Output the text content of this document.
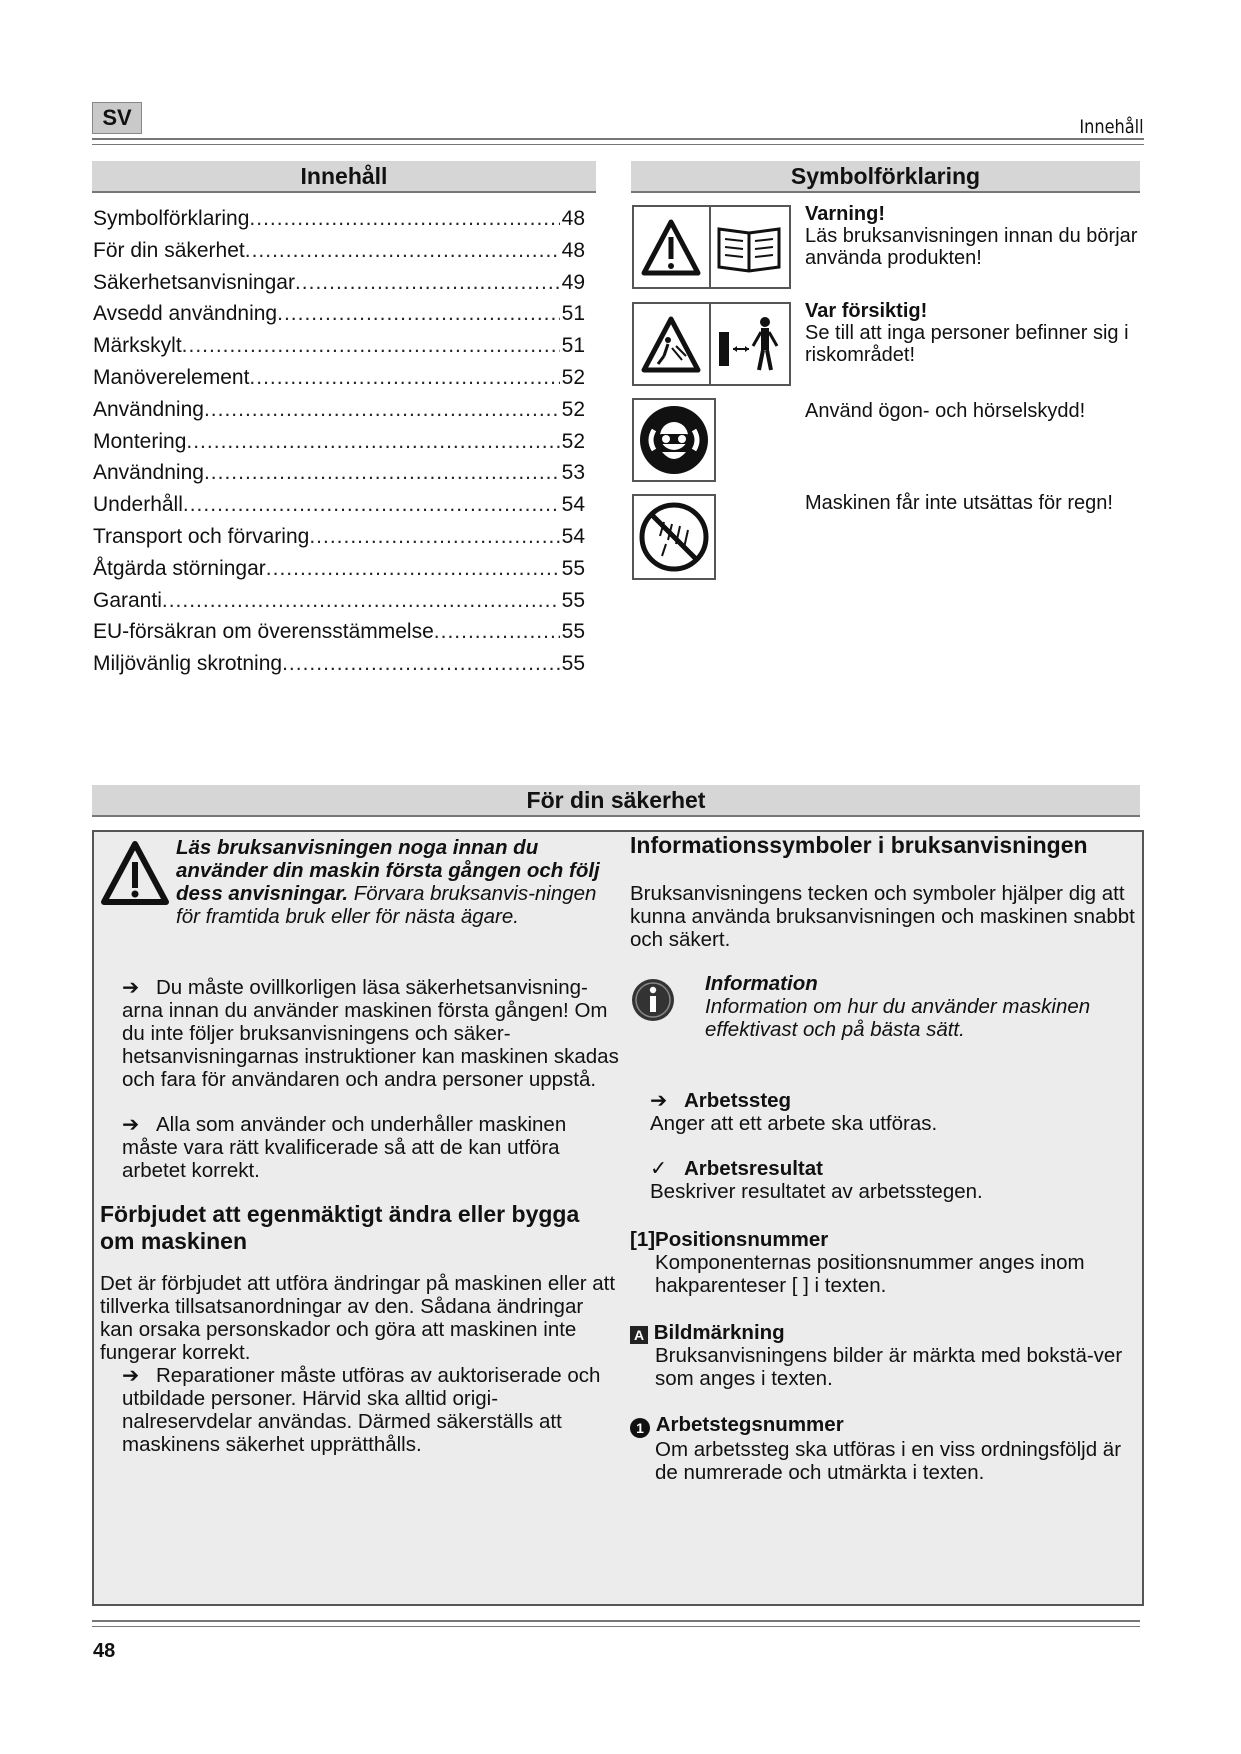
SV	Innehåll
Innehåll
Symbolförklaring .....	48
För din säkerhet .....	48
Säkerhetsanvisningar .....	49
Avsedd användning .....	51
Märkskylt .....	51
Manöverelement .....	52
Användning .....	52
Montering .....	52
Användning .....	53
Underhåll .....	54
Transport och förvaring .....	54
Åtgärda störningar .....	55
Garanti .....	55
EU-försäkran om överensstämmelse .....	55
Miljövänlig skrotning .....	55
Symbolförklaring
Varning!
Läs bruksanvisningen innan du börjar använda produkten!
Var försiktig!
Se till att inga personer befinner sig i riskområdet!
Använd ögon- och hörselskydd!
Maskinen får inte utsättas för regn!
För din säkerhet
Läs bruksanvisningen noga innan du använder din maskin första gången och följ dess anvisningar. Förvara bruksanvis-ningen för framtida bruk eller för nästa ägare.
➔ Du måste ovillkorligen läsa säkerhetsanvisning-arna innan du använder maskinen första gången! Om du inte följer bruksanvisningens och säker-hetsanvisningarnas instruktioner kan maskinen skadas och fara för användaren och andra personer uppstå.
➔ Alla som använder och underhåller maskinen måste vara rätt kvalificerade så att de kan utföra arbetet korrekt.
Förbjudet att egenmäktigt ändra eller bygga om maskinen
Det är förbjudet att utföra ändringar på maskinen eller att tillverka tillsatsanordningar av den. Sådana ändringar kan orsaka personskador och göra att maskinen inte fungerar korrekt.
➔ Reparationer måste utföras av auktoriserade och utbildade personer. Härvid ska alltid origi-nalreservdelar användas. Därmed säkerställs att maskinens säkerhet upprätthålls.
Informationssymboler i bruksanvisningen
Bruksanvisningens tecken och symboler hjälper dig att kunna använda bruksanvisningen och maskinen snabbt och säkert.
Information
Information om hur du använder maskinen effektivast och på bästa sätt.
➔ Arbetssteg
Anger att ett arbete ska utföras.
✓ Arbetsresultat
Beskriver resultatet av arbetsstegen.
[1]Positionsnummer
Komponenternas positionsnummer anges inom hakparenteser [ ] i texten.
A Bildmärkning
Bruksanvisningens bilder är märkta med bokstä-ver som anges i texten.
1 Arbetstegsnummer
Om arbetssteg ska utföras i en viss ordningsföljd är de numrerade och utmärkta i texten.
48
